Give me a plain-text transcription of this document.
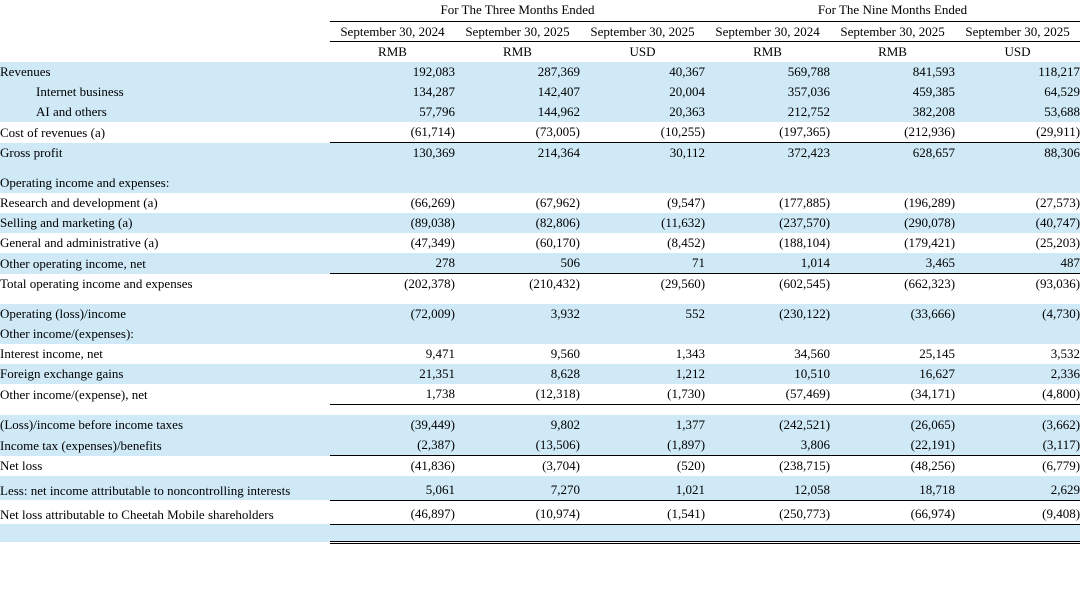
	For The Three Months Ended			For The Nine Months Ended		

	September 30, 2024	September 30, 2025	September 30, 2025	September 30, 2024	September 30, 2025	September 30, 2025

	RMB	RMB	USD	RMB	RMB	USD
Revenues	192,083	287,369	40,367	569,788	841,593	118,217
Internet business	134,287	142,407	20,004	357,036	459,385	64,529
AI and others	57,796	144,962	20,363	212,752	382,208	53,688
Cost of revenues (a)	(61,714)	(73,005)	(10,255)	(197,365)	(212,936)	(29,911)
Gross profit	130,369	214,364	30,112	372,423	628,657	88,306

Operating income and expenses:						
Research and development (a)	(66,269)	(67,962)	(9,547)	(177,885)	(196,289)	(27,573)
Selling and marketing (a)	(89,038)	(82,806)	(11,632)	(237,570)	(290,078)	(40,747)
General and administrative (a)	(47,349)	(60,170)	(8,452)	(188,104)	(179,421)	(25,203)
Other operating income, net	278	506	71	1,014	3,465	487
Total operating income and expenses	(202,378)	(210,432)	(29,560)	(602,545)	(662,323)	(93,036)

Operating (loss)/income	(72,009)	3,932	552	(230,122)	(33,666)	(4,730)
Other income/(expenses):						
Interest income, net	9,471	9,560	1,343	34,560	25,145	3,532
Foreign exchange gains	21,351	8,628	1,212	10,510	16,627	2,336
Other income/(expense), net	1,738	(12,318)	(1,730)	(57,469)	(34,171)	(4,800)

(Loss)/income before income taxes	(39,449)	9,802	1,377	(242,521)	(26,065)	(3,662)
Income tax (expenses)/benefits	(2,387)	(13,506)	(1,897)	3,806	(22,191)	(3,117)
Net loss	(41,836)	(3,704)	(520)	(238,715)	(48,256)	(6,779)
Less: net income attributable to noncontrolling interests	5,061	7,270	1,021	12,058	18,718	2,629
Net loss attributable to Cheetah Mobile shareholders	(46,897)	(10,974)	(1,541)	(250,773)	(66,974)	(9,408)
